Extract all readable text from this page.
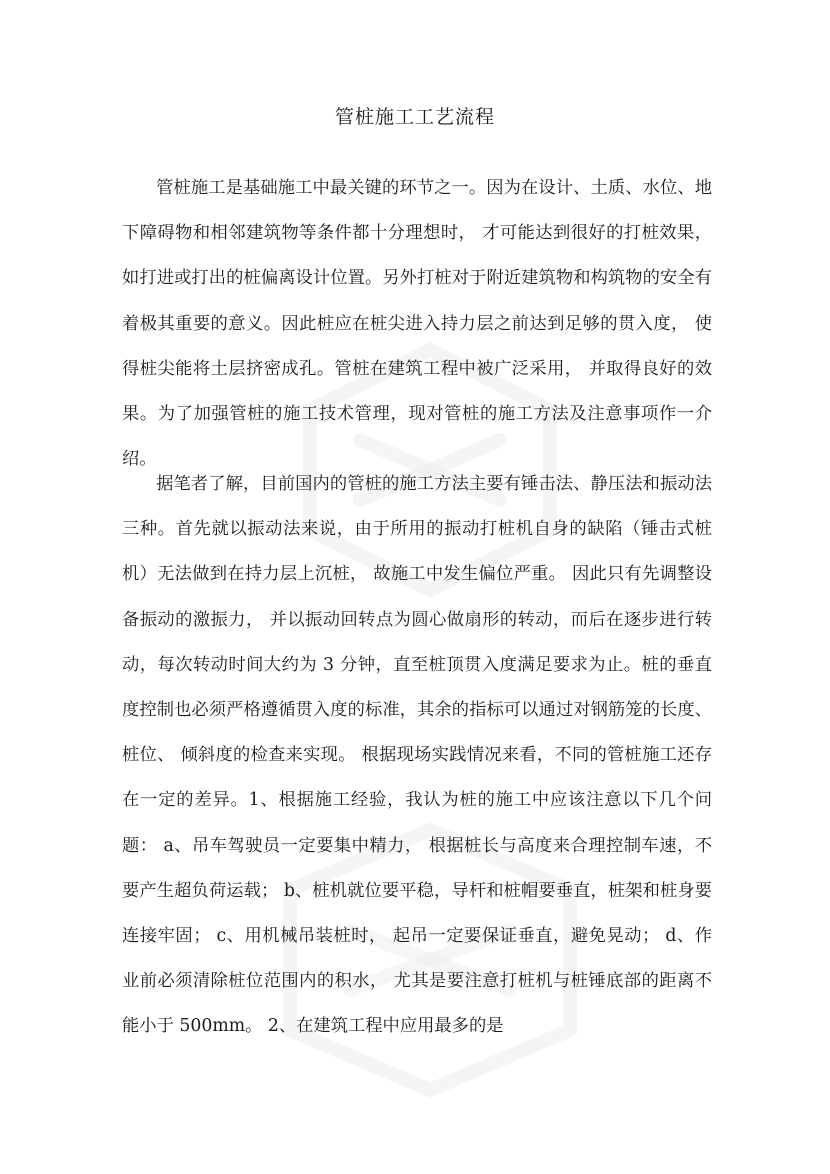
管桩施工工艺流程

管桩施工是基础施工中最关键的环节之一。因为在设计、土质、水位、地下障碍物和相邻建筑物等条件都十分理想时， 才可能达到很好的打桩效果， 如打进或打出的桩偏离设计位置。另外打桩对于附近建筑物和构筑物的安全有着极其重要的意义。因此桩应在桩尖进入持力层之前达到足够的贯入度， 使得桩尖能将土层挤密成孔。管桩在建筑工程中被广泛采用， 并取得良好的效果。为了加强管桩的施工技术管理，现对管桩的施工方法及注意事项作一介绍。

据笔者了解，目前国内的管桩的施工方法主要有锤击法、静压法和振动法三种。首先就以振动法来说，由于所用的振动打桩机自身的缺陷（锤击式桩机）无法做到在持力层上沉桩， 故施工中发生偏位严重。 因此只有先调整设备振动的激振力， 并以振动回转点为圆心做扇形的转动，而后在逐步进行转动，每次转动时间大约为 3 分钟，直至桩顶贯入度满足要求为止。桩的垂直度控制也必须严格遵循贯入度的标准，其余的指标可以通过对钢筋笼的长度、桩位、 倾斜度的检查来实现。 根据现场实践情况来看，不同的管桩施工还存在一定的差异。1、根据施工经验，我认为桩的施工中应该注意以下几个问题： a、吊车驾驶员一定要集中精力， 根据桩长与高度来合理控制车速，不要产生超负荷运载； b、桩机就位要平稳，导杆和桩帽要垂直，桩架和桩身要连接牢固； c、用机械吊装桩时， 起吊一定要保证垂直，避免晃动； d、作业前必须清除桩位范围内的积水， 尤其是要注意打桩机与桩锤底部的距离不能小于 500mm。 2、在建筑工程中应用最多的是
